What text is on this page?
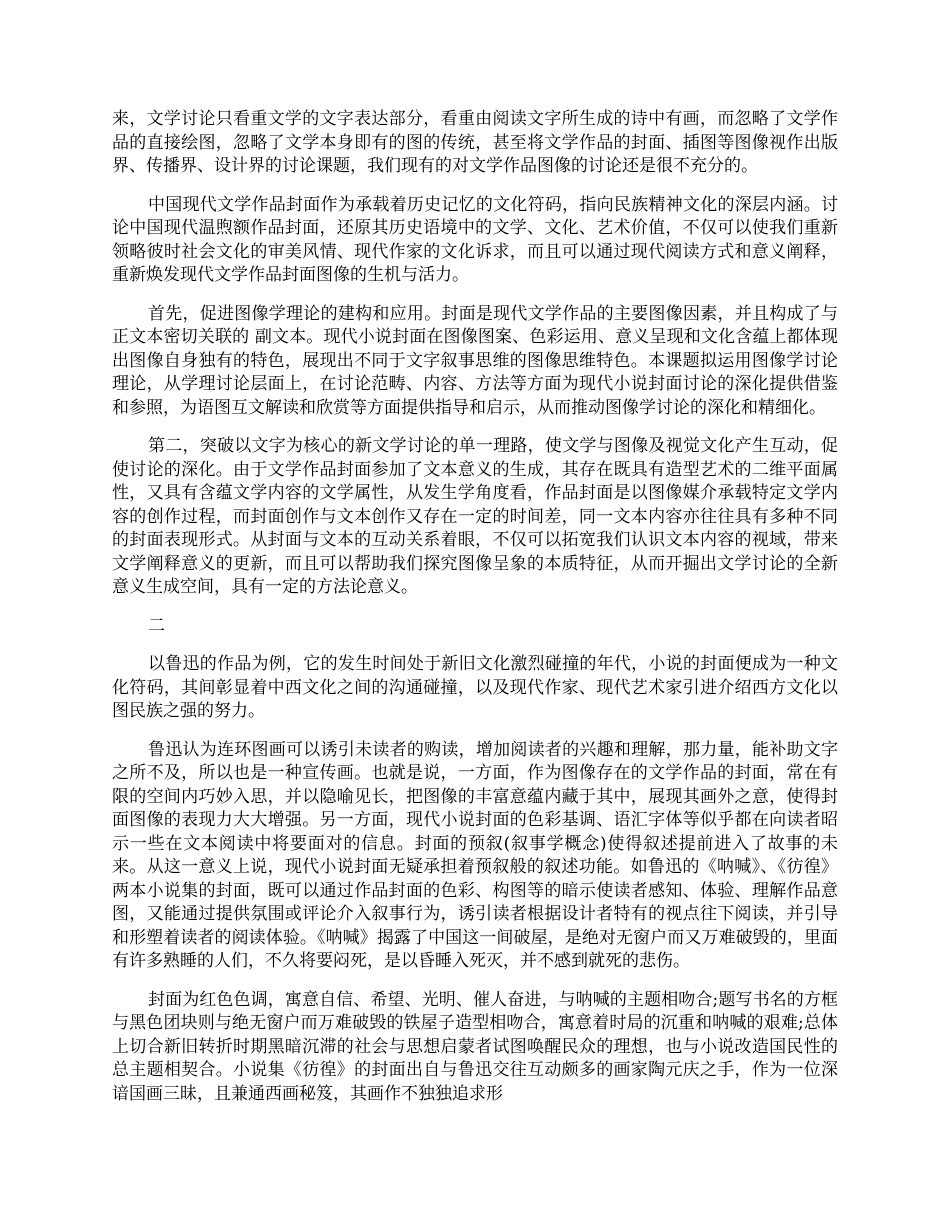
来，文学讨论只看重文学的文字表达部分，看重由阅读文字所生成的诗中有画，而忽略了文学作品的直接绘图，忽略了文学本身即有的图的传统，甚至将文学作品的封面、插图等图像视作出版界、传播界、设计界的讨论课题，我们现有的对文学作品图像的讨论还是很不充分的。

中国现代文学作品封面作为承载着历史记忆的文化符码，指向民族精神文化的深层内涵。讨论中国现代温煦额作品封面，还原其历史语境中的文学、文化、艺术价值，不仅可以使我们重新领略彼时社会文化的审美风情、现代作家的文化诉求，而且可以通过现代阅读方式和意义阐释，重新焕发现代文学作品封面图像的生机与活力。

首先，促进图像学理论的建构和应用。封面是现代文学作品的主要图像因素，并且构成了与正文本密切关联的 副文本。现代小说封面在图像图案、色彩运用、意义呈现和文化含蕴上都体现出图像自身独有的特色，展现出不同于文字叙事思维的图像思维特色。本课题拟运用图像学讨论理论，从学理讨论层面上，在讨论范畴、内容、方法等方面为现代小说封面讨论的深化提供借鉴和参照，为语图互文解读和欣赏等方面提供指导和启示，从而推动图像学讨论的深化和精细化。

第二，突破以文字为核心的新文学讨论的单一理路，使文学与图像及视觉文化产生互动，促使讨论的深化。由于文学作品封面参加了文本意义的生成，其存在既具有造型艺术的二维平面属性，又具有含蕴文学内容的文学属性，从发生学角度看，作品封面是以图像媒介承载特定文学内容的创作过程，而封面创作与文本创作又存在一定的时间差，同一文本内容亦往往具有多种不同的封面表现形式。从封面与文本的互动关系着眼，不仅可以拓宽我们认识文本内容的视域，带来文学阐释意义的更新，而且可以帮助我们探究图像呈象的本质特征，从而开掘出文学讨论的全新意义生成空间，具有一定的方法论意义。

二

以鲁迅的作品为例，它的发生时间处于新旧文化激烈碰撞的年代，小说的封面便成为一种文化符码，其间彰显着中西文化之间的沟通碰撞，以及现代作家、现代艺术家引进介绍西方文化以图民族之强的努力。

鲁迅认为连环图画可以诱引未读者的购读，增加阅读者的兴趣和理解，那力量，能补助文字之所不及，所以也是一种宣传画。也就是说，一方面，作为图像存在的文学作品的封面，常在有限的空间内巧妙入思，并以隐喻见长，把图像的丰富意蕴内藏于其中，展现其画外之意，使得封面图像的表现力大大增强。另一方面，现代小说封面的色彩基调、语汇字体等似乎都在向读者昭示一些在文本阅读中将要面对的信息。封面的预叙(叙事学概念)使得叙述提前进入了故事的未来。从这一意义上说，现代小说封面无疑承担着预叙般的叙述功能。如鲁迅的《呐喊》、《彷徨》两本小说集的封面，既可以通过作品封面的色彩、构图等的暗示使读者感知、体验、理解作品意图，又能通过提供氛围或评论介入叙事行为，诱引读者根据设计者特有的视点往下阅读，并引导和形塑着读者的阅读体验。《呐喊》揭露了中国这一间破屋，是绝对无窗户而又万难破毁的，里面有许多熟睡的人们，不久将要闷死，是以昏睡入死灭，并不感到就死的悲伤。

封面为红色色调，寓意自信、希望、光明、催人奋进，与呐喊的主题相吻合;题写书名的方框与黑色团块则与绝无窗户而万难破毁的铁屋子造型相吻合，寓意着时局的沉重和呐喊的艰难;总体上切合新旧转折时期黑暗沉滞的社会与思想启蒙者试图唤醒民众的理想，也与小说改造国民性的总主题相契合。小说集《彷徨》的封面出自与鲁迅交往互动颇多的画家陶元庆之手，作为一位深谙国画三昧，且兼通西画秘笈，其画作不独独追求形
